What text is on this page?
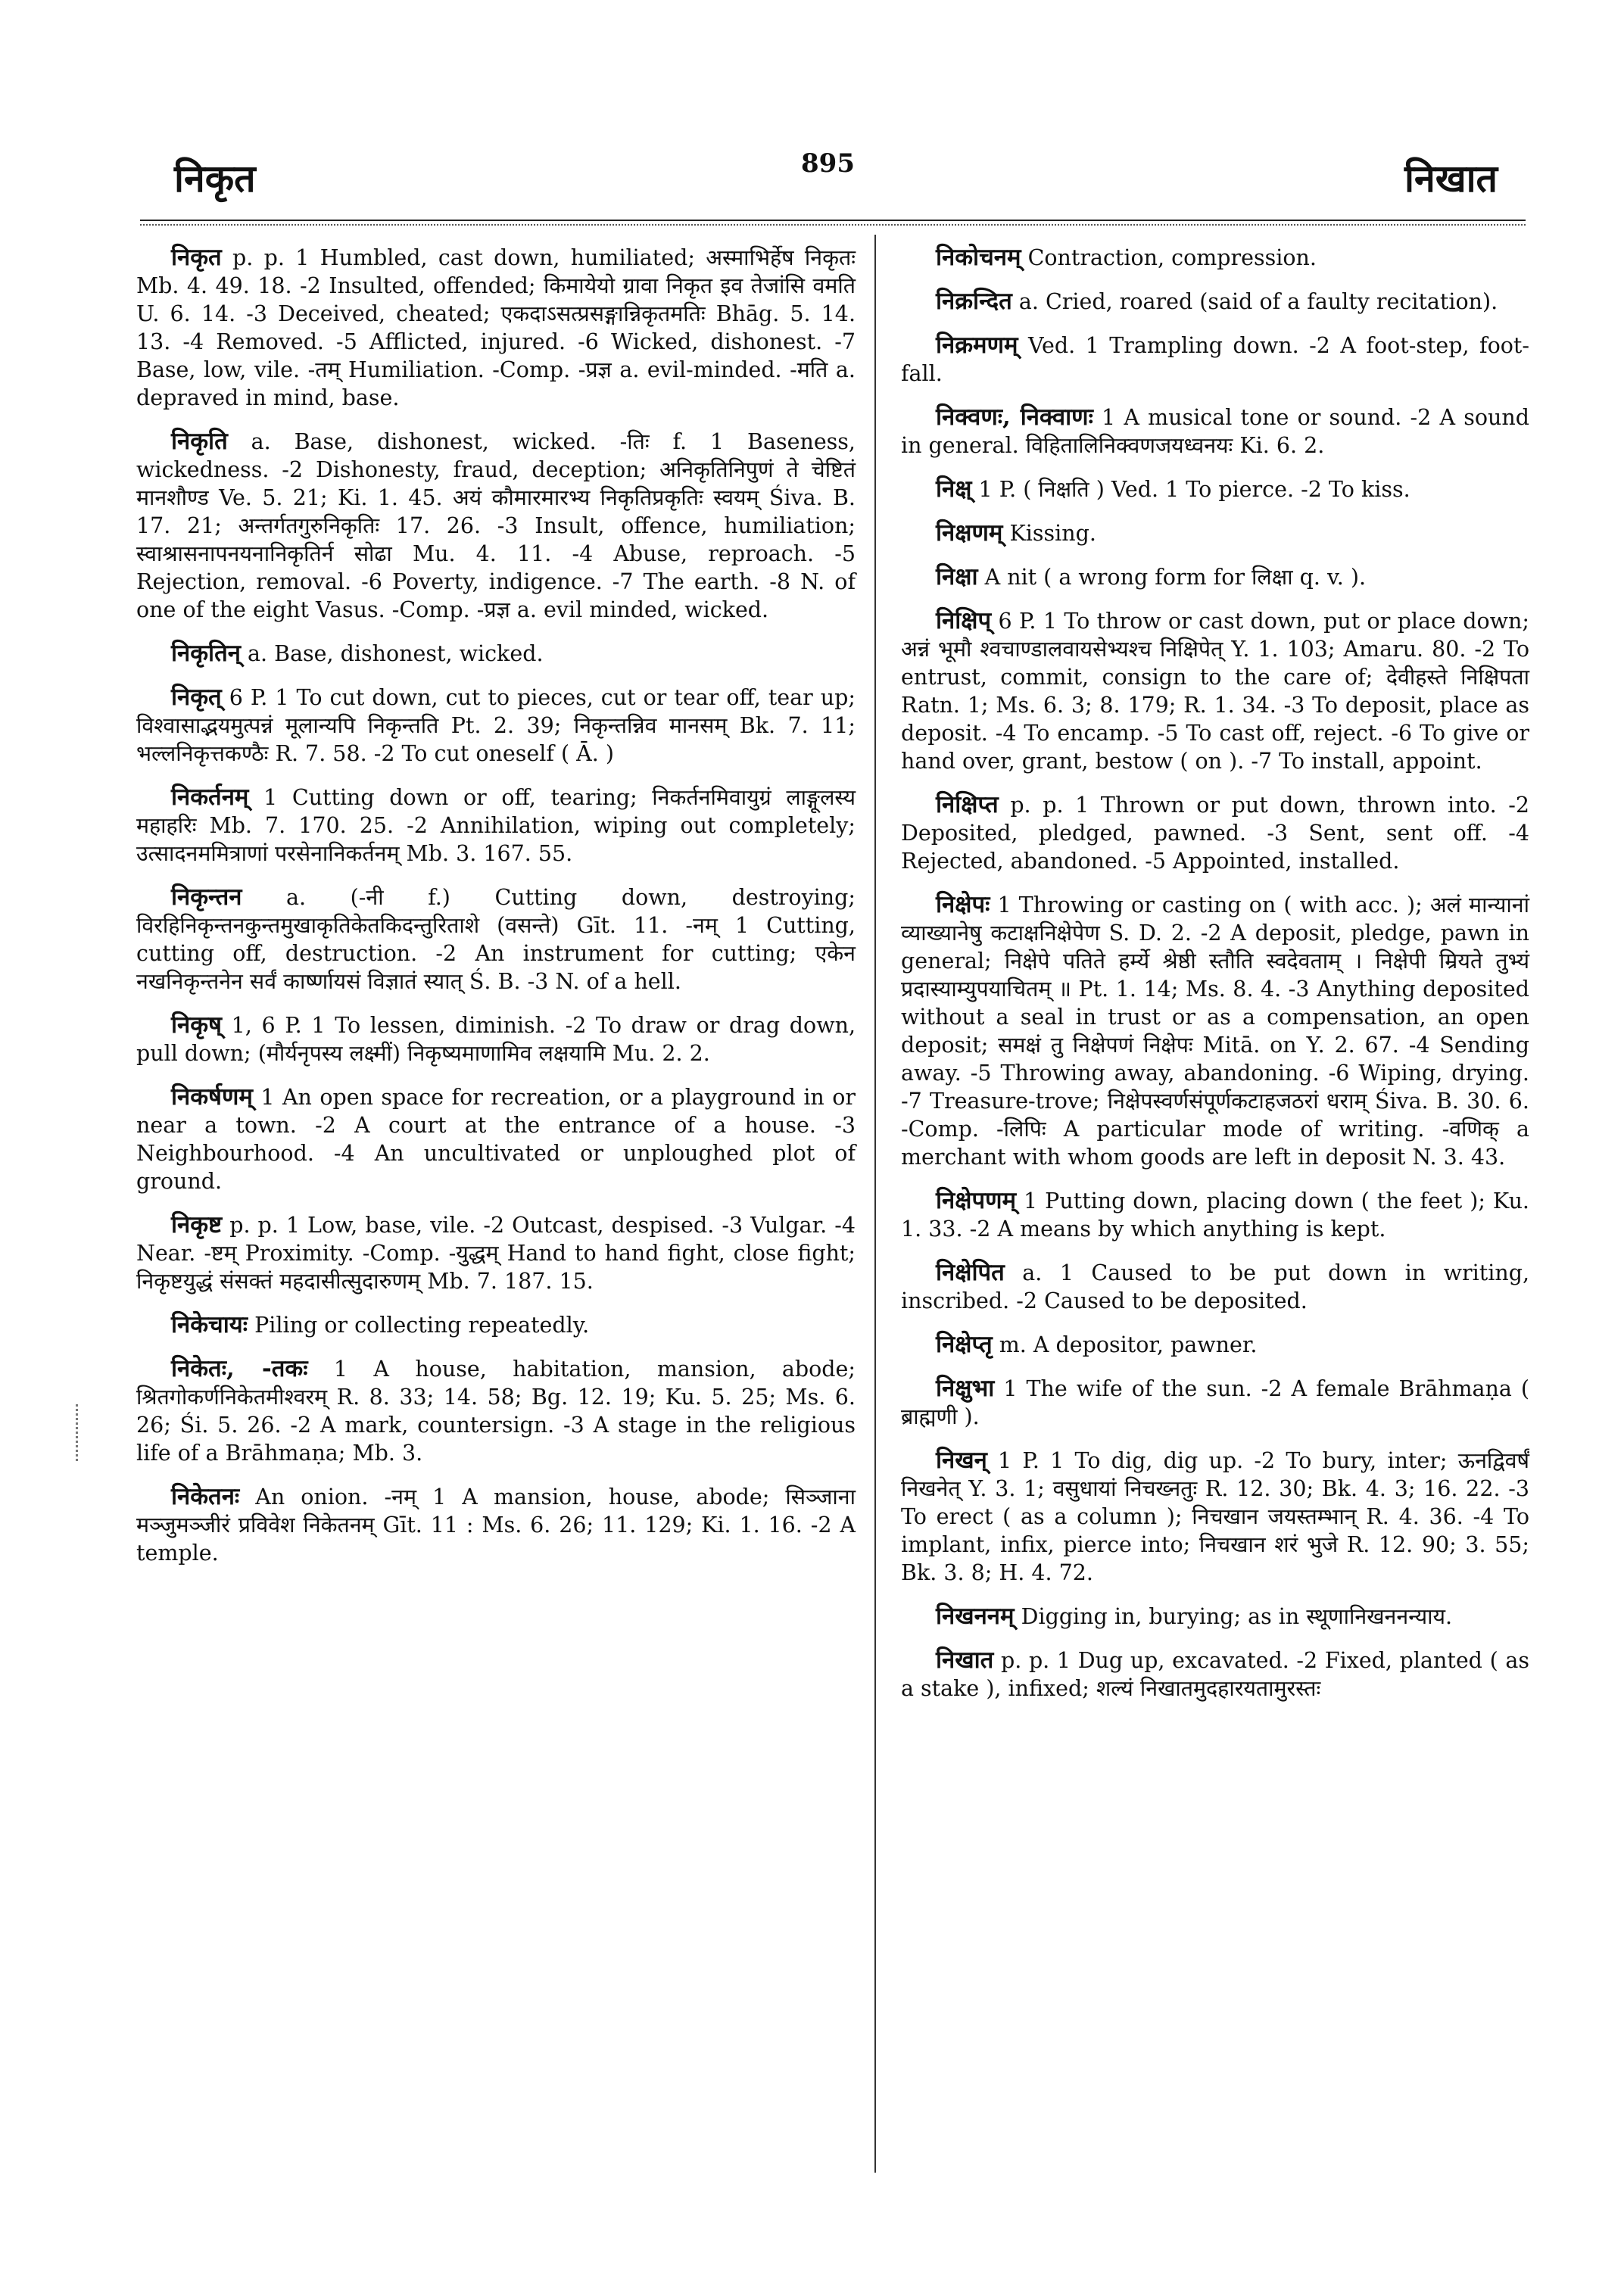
निकृत	895	निखात

निकृत p. p. 1 Humbled, cast down, humiliated; अस्माभिर्हेष निकृतः Mb. 4. 49. 18. -2 Insulted, offended; किमायेयो ग्रावा निकृत इव तेजांसि वमति U. 6. 14. -3 Deceived, cheated; एकदाऽसत्प्रसङ्गान्निकृतमतिः Bhāg. 5. 14. 13. -4 Removed. -5 Afflicted, injured. -6 Wicked, dishonest. -7 Base, low, vile. -तम् Humiliation. -Comp. -प्रज्ञ a. evil-minded. -मति a. depraved in mind, base.

निकृति a. Base, dishonest, wicked. -तिः f. 1 Baseness, wickedness. -2 Dishonesty, fraud, deception; अनिकृतिनिपुणं ते चेष्टितं मानशौण्ड Ve. 5. 21; Ki. 1. 45. अयं कौमारमारभ्य निकृतिप्रकृतिः स्वयम् Śiva. B. 17. 21; अन्तर्गतगुरुनिकृतिः 17. 26. -3 Insult, offence, humiliation; स्वाश्रासनापनयनानिकृतिर्न सोढा Mu. 4. 11. -4 Abuse, reproach. -5 Rejection, removal. -6 Poverty, indigence. -7 The earth. -8 N. of one of the eight Vasus. -Comp. -प्रज्ञ a. evil minded, wicked.

निकृतिन् a. Base, dishonest, wicked.

निकृत् 6 P. 1 To cut down, cut to pieces, cut or tear off, tear up; विश्वासाद्भयमुत्पन्नं मूलान्यपि निकृन्तति Pt. 2. 39; निकृन्तन्निव मानसम् Bk. 7. 11; भल्लनिकृत्तकण्ठैः R. 7. 58. -2 To cut oneself ( Ā. )

निकर्तनम् 1 Cutting down or off, tearing; निकर्तनमिवायुग्रं लाङ्गूलस्य महाहरिः Mb. 7. 170. 25. -2 Annihilation, wiping out completely; उत्सादनममित्राणां परसेनानिकर्तनम् Mb. 3. 167. 55.

निकृन्तन a. (-नी f.) Cutting down, destroying; विरहिनिकृन्तनकुन्तमुखाकृतिकेतकिदन्तुरिताशे (वसन्ते) Gīt. 11. -नम् 1 Cutting, cutting off, destruction. -2 An instrument for cutting; एकेन नखनिकृन्तनेन सर्वं कार्ष्णायसं विज्ञातं स्यात् Ś. B. -3 N. of a hell.

निकृष् 1, 6 P. 1 To lessen, diminish. -2 To draw or drag down, pull down; (मौर्यनृपस्य लक्ष्मीं) निकृष्यमाणामिव लक्षयामि Mu. 2. 2.

निकर्षणम् 1 An open space for recreation, or a playground in or near a town. -2 A court at the entrance of a house. -3 Neighbourhood. -4 An uncultivated or unploughed plot of ground.

निकृष्ट p. p. 1 Low, base, vile. -2 Outcast, despised. -3 Vulgar. -4 Near. -ष्टम् Proximity. -Comp. -युद्धम् Hand to hand fight, close fight; निकृष्टयुद्धं संसक्तं महदासीत्सुदारुणम् Mb. 7. 187. 15.

निकेचायः Piling or collecting repeatedly.

निकेतः, -तकः 1 A house, habitation, mansion, abode; श्रितगोकर्णनिकेतमीश्वरम् R. 8. 33; 14. 58; Bg. 12. 19; Ku. 5. 25; Ms. 6. 26; Śi. 5. 26. -2 A mark, countersign. -3 A stage in the religious life of a Brāhmaṇa; Mb. 3.

निकेतनः An onion. -नम् 1 A mansion, house, abode; सिञ्जाना मञ्जुमञ्जीरं प्रविवेश निकेतनम् Gīt. 11 : Ms. 6. 26; 11. 129; Ki. 1. 16. -2 A temple.

निकोचनम् Contraction, compression.

निक्रन्दित a. Cried, roared (said of a faulty recitation).

निक्रमणम् Ved. 1 Trampling down. -2 A foot-step, foot-fall.

निक्वणः, निक्वाणः 1 A musical tone or sound. -2 A sound in general. विहितालिनिक्वणजयध्वनयः Ki. 6. 2.

निक्ष् 1 P. ( निक्षति ) Ved. 1 To pierce. -2 To kiss.

निक्षणम् Kissing.

निक्षा A nit ( a wrong form for लिक्षा q. v. ).

निक्षिप् 6 P. 1 To throw or cast down, put or place down; अन्नं भूमौ श्वचाण्डालवायसेभ्यश्च निक्षिपेत् Y. 1. 103; Amaru. 80. -2 To entrust, commit, consign to the care of; देवीहस्ते निक्षिपता Ratn. 1; Ms. 6. 3; 8. 179; R. 1. 34. -3 To deposit, place as deposit. -4 To encamp. -5 To cast off, reject. -6 To give or hand over, grant, bestow ( on ). -7 To install, appoint.

निक्षिप्त p. p. 1 Thrown or put down, thrown into. -2 Deposited, pledged, pawned. -3 Sent, sent off. -4 Rejected, abandoned. -5 Appointed, installed.

निक्षेपः 1 Throwing or casting on ( with acc. ); अलं मान्यानां व्याख्यानेषु कटाक्षनिक्षेपेण S. D. 2. -2 A deposit, pledge, pawn in general; निक्षेपे पतिते हर्म्ये श्रेष्ठी स्तौति स्वदेवताम् । निक्षेपी म्रियते तुभ्यं प्रदास्याम्युपयाचितम् ॥ Pt. 1. 14; Ms. 8. 4. -3 Anything deposited without a seal in trust or as a compensation, an open deposit; समक्षं तु निक्षेपणं निक्षेपः Mitā. on Y. 2. 67. -4 Sending away. -5 Throwing away, abandoning. -6 Wiping, drying. -7 Treasure-trove; निक्षेपस्वर्णसंपूर्णकटाहजठरां धराम् Śiva. B. 30. 6. -Comp. -लिपिः A particular mode of writing. -वणिक् a merchant with whom goods are left in deposit N. 3. 43.

निक्षेपणम् 1 Putting down, placing down ( the feet ); Ku. 1. 33. -2 A means by which anything is kept.

निक्षेपित a. 1 Caused to be put down in writing, inscribed. -2 Caused to be deposited.

निक्षेप्तृ m. A depositor, pawner.

निक्षुभा 1 The wife of the sun. -2 A female Brāhmaṇa ( ब्राह्मणी ).

निखन् 1 P. 1 To dig, dig up. -2 To bury, inter; ऊनद्विवर्षं निखनेत् Y. 3. 1; वसुधायां निचख्नतुः R. 12. 30; Bk. 4. 3; 16. 22. -3 To erect ( as a column ); निचखान जयस्तम्भान् R. 4. 36. -4 To implant, infix, pierce into; निचखान शरं भुजे R. 12. 90; 3. 55; Bk. 3. 8; H. 4. 72.

निखननम् Digging in, burying; as in स्थूणानिखननन्याय.

निखात p. p. 1 Dug up, excavated. -2 Fixed, planted ( as a stake ), infixed; शल्यं निखातमुदहारयतामुरस्तः
